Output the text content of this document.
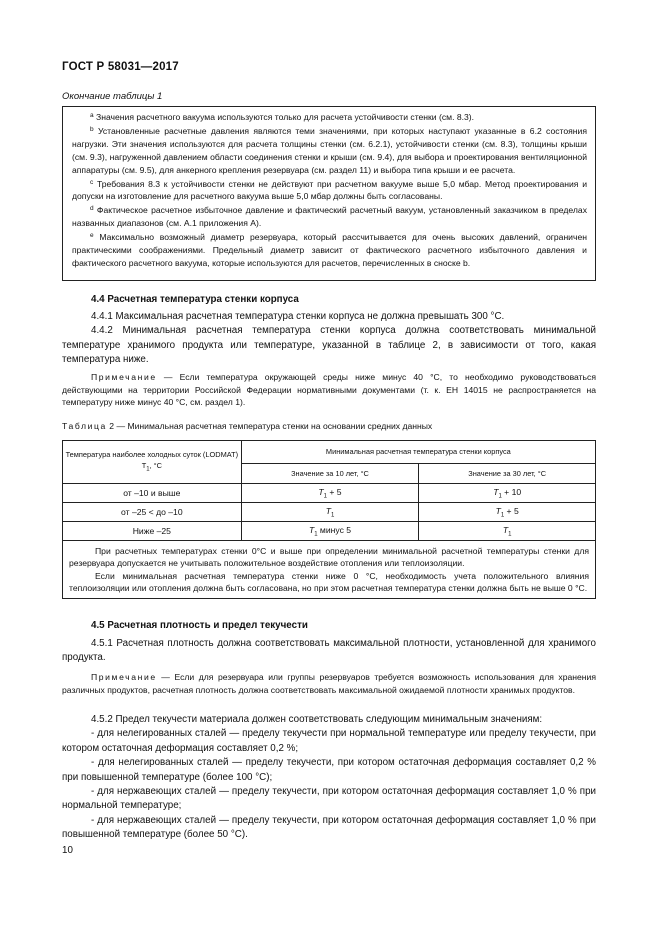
ГОСТ Р 58031—2017
Окончание таблицы 1

$^a$ Значения расчетного вакуума используются только для расчета устойчивости стенки (см. 8.3).

$^b$ Установленные расчетные давления являются теми значениями, при которых наступают указанные в 6.2 состояния нагрузки. Эти значения используются для расчета толщины стенки (см. 6.2.1), устойчивости стенки (см. 8.3), толщины крыши (см. 9.3), нагруженной давлением области соединения стенки и крыши (см. 9.4), для выбора и проектирования вентиляционной аппаратуры (см. 9.5), для анкерного крепления резервуара (см. раздел 11) и выбора типа крыши и ее расчета.

$^c$ Требования 8.3 к устойчивости стенки не действуют при расчетном вакууме выше 5,0 мбар. Метод проектирования и допуски на изготовление для расчетного вакуума выше 5,0 мбар должны быть согласованы.

$^d$ Фактическое расчетное избыточное давление и фактический расчетный вакуум, установленный заказчиком в пределах названных диапазонов (см. А.1 приложения А).

$^e$ Максимально возможный диаметр резервуара, который рассчитывается для очень высоких давлений, ограничен практическими соображениями. Предельный диаметр зависит от фактического расчетного избыточного давления и фактического расчетного вакуума, которые используются для расчетов, перечисленных в сноске b.

4.4 Расчетная температура стенки корпуса

4.4.1 Максимальная расчетная температура стенки корпуса не должна превышать 300 °С.

4.4.2 Минимальная расчетная температура стенки корпуса должна соответствовать минимальной температуре хранимого продукта или температуре, указанной в таблице 2, в зависимости от того, какая температура ниже.

Примечание — Если температура окружающей среды ниже минус 40 °С, то необходимо руководствоваться действующими на территории Российской Федерации нормативными документами (т. к. ЕН 14015 не распространяется на температуру ниже минус 40 °С, см. раздел 1).

Таблица 2 — Минимальная расчетная температура стенки на основании средних данных
Температура наиболее холодных суток (LODMAT) $T_1$, °С	Минимальная расчетная температура стенки корпуса	
	Значение за 10 лет, °С	Значение за 30 лет, °С
от –10 и выше	$T_1 + 5$	$T_1 + 10$
от –25 < до –10	$T_1$	$T_1 + 5$
Ниже –25	$T_1$ минус 5	$T_1$

При расчетных температурах стенки 0°С и выше при определении минимальной расчетной температуры стенки для резервуара допускается не учитывать положительное воздействие отопления или теплоизоляции.

Если минимальная расчетная температура стенки ниже 0 °С, необходимость учета положительного влияния теплоизоляции или отопления должна быть согласована, но при этом расчетная температура стенки должна быть не выше 0 °С.		

4.5 Расчетная плотность и предел текучести

4.5.1 Расчетная плотность должна соответствовать максимальной плотности, установленной для хранимого продукта.

Примечание — Если для резервуара или группы резервуаров требуется возможность использования для хранения различных продуктов, расчетная плотность должна соответствовать максимальной ожидаемой плотности хранимых продуктов.

4.5.2 Предел текучести материала должен соответствовать следующим минимальным значениям:

- для нелегированных сталей — пределу текучести при нормальной температуре или пределу текучести, при котором остаточная деформация составляет 0,2 %;

- для нелегированных сталей — пределу текучести, при котором остаточная деформация составляет 0,2 % при повышенной температуре (более 100 °С);

- для нержавеющих сталей — пределу текучести, при котором остаточная деформация составляет 1,0 % при нормальной температуре;

- для нержавеющих сталей — пределу текучести, при котором остаточная деформация составляет 1,0 % при повышенной температуре (более 50 °С).

10
